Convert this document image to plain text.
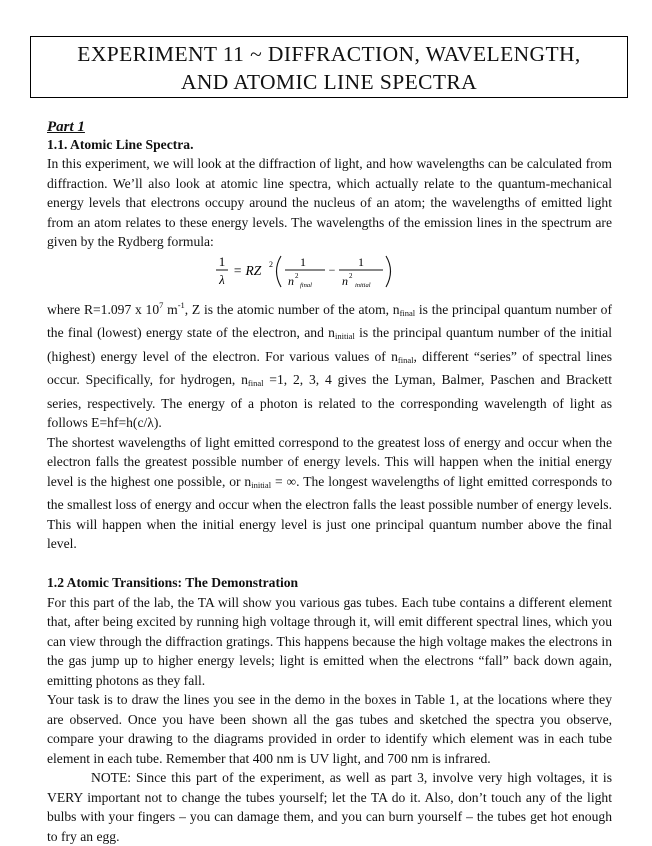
EXPERIMENT 11 ~ DIFFRACTION, WAVELENGTH,
AND ATOMIC LINE SPECTRA
Part 1
1.1. Atomic Line Spectra.

In this experiment, we will look at the diffraction of light, and how wavelengths can be calculated from diffraction. We’ll also look at atomic line spectra, which actually relate to the quantum-mechanical energy levels that electrons occupy around the nucleus of an atom; the wavelengths of emitted light from an atom relates to these energy levels. The wavelengths of the emission lines in the spectrum are given by the Rydberg formula:

1
λ
= RZ 2 1
n 2
final
−
1
n 2
initial

where R=1.097 x $10^7$ $m^{-1}$, Z is the atomic number of the atom, $n_{final}$ is the principal quantum number of the final (lowest) energy state of the electron, and $n_{initial}$ is the principal quantum number of the initial (highest) energy level of the electron. For various values of $n_{final}$, different “series” of spectral lines occur. Specifically, for hydrogen, $n_{final} =1$, 2, 3, 4 gives the Lyman, Balmer, Paschen and Brackett series, respectively. The energy of a photon is related to the corresponding wavelength of light as follows E=hf=h(c/λ).

The shortest wavelengths of light emitted correspond to the greatest loss of energy and occur when the electron falls the greatest possible number of energy levels. This will happen when the initial energy level is the highest one possible, or $n_{initial}$ = ∞. The longest wavelengths of light emitted corresponds to the smallest loss of energy and occur when the electron falls the least possible number of energy levels. This will happen when the initial energy level is just one principal quantum number above the final level.

1.2 Atomic Transitions: The Demonstration

For this part of the lab, the TA will show you various gas tubes. Each tube contains a different element that, after being excited by running high voltage through it, will emit different spectral lines, which you can view through the diffraction gratings. This happens because the high voltage makes the electrons in the gas jump up to higher energy levels; light is emitted when the electrons “fall” back down again, emitting photons as they fall.

Your task is to draw the lines you see in the demo in the boxes in Table 1, at the locations where they are observed. Once you have been shown all the gas tubes and sketched the spectra you observe, compare your drawing to the diagrams provided in order to identify which element was in each tube element in each tube. Remember that 400 nm is UV light, and 700 nm is infrared.

NOTE: Since this part of the experiment, as well as part 3, involve very high voltages, it is VERY important not to change the tubes yourself; let the TA do it. Also, don’t touch any of the light bulbs with your fingers – you can damage them, and you can burn yourself – the tubes get hot enough to fry an egg.
